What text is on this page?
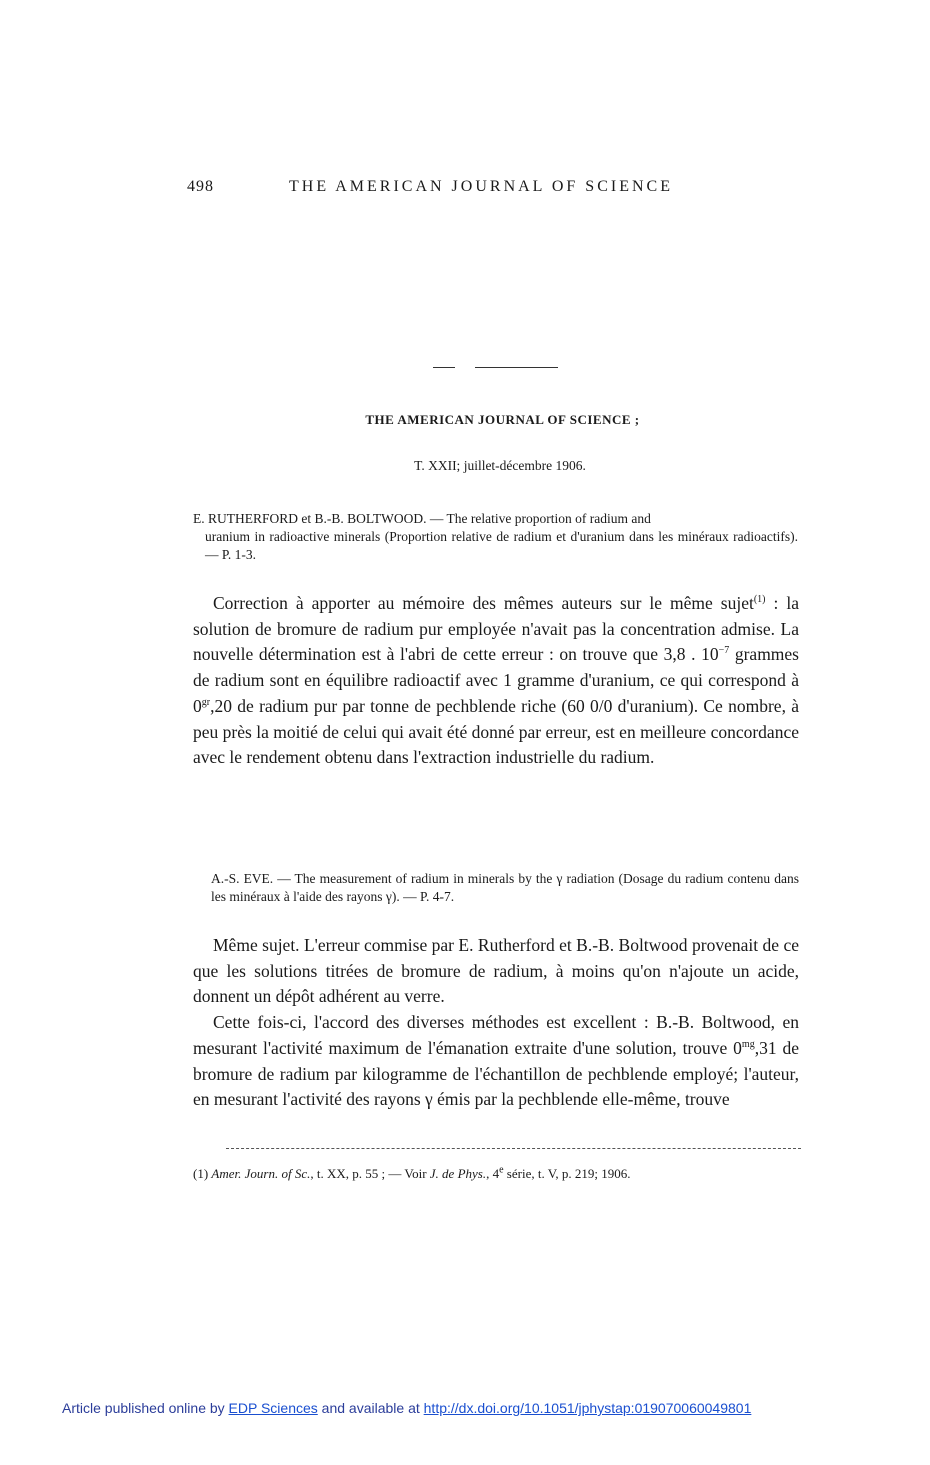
498	THE AMERICAN JOURNAL OF SCIENCE
THE AMERICAN JOURNAL OF SCIENCE ;
T. XXII; juillet-décembre 1906.
E. RUTHERFORD et B.-B. BOLTWOOD. — The relative proportion of radium and
uranium in radioactive minerals (Proportion relative de radium et d'uranium dans les minéraux radioactifs). — P. 1-3.
Correction à apporter au mémoire des mêmes auteurs sur le même sujet$^{(1)}$ : la solution de bromure de radium pur employée n'avait pas la concentration admise. La nouvelle détermination est à l'abri de cette erreur : on trouve que 3,8 . $10^{-7}$ grammes de radium sont en équilibre radioactif avec 1 gramme d'uranium, ce qui correspond à $0^{gr},20$ de radium pur par tonne de pechblende riche (60 0/0 d'uranium). Ce nombre, à peu près la moitié de celui qui avait été donné par erreur, est en meilleure concordance avec le rendement obtenu dans l'extraction industrielle du radium.
A.-S. EVE. — The measurement of radium in minerals by the γ radiation (Dosage du radium contenu dans les minéraux à l'aide des rayons γ). — P. 4-7.
Même sujet. L'erreur commise par E. Rutherford et B.-B. Boltwood provenait de ce que les solutions titrées de bromure de radium, à moins qu'on n'ajoute un acide, donnent un dépôt adhérent au verre.
Cette fois-ci, l'accord des diverses méthodes est excellent : B.-B. Boltwood, en mesurant l'activité maximum de l'émanation extraite d'une solution, trouve $0^{mg},31$ de bromure de radium par kilogramme de l'échantillon de pechblende employé; l'auteur, en mesurant l'activité des rayons γ émis par la pechblende elle-même, trouve
(1) Amer. Journ. of Sc., t. XX, p. 55 ; — Voir J. de Phys., 4e série, t. V, p. 219; 1906.
Article published online by EDP Sciences and available at http://dx.doi.org/10.1051/jphystap:019070060049801
